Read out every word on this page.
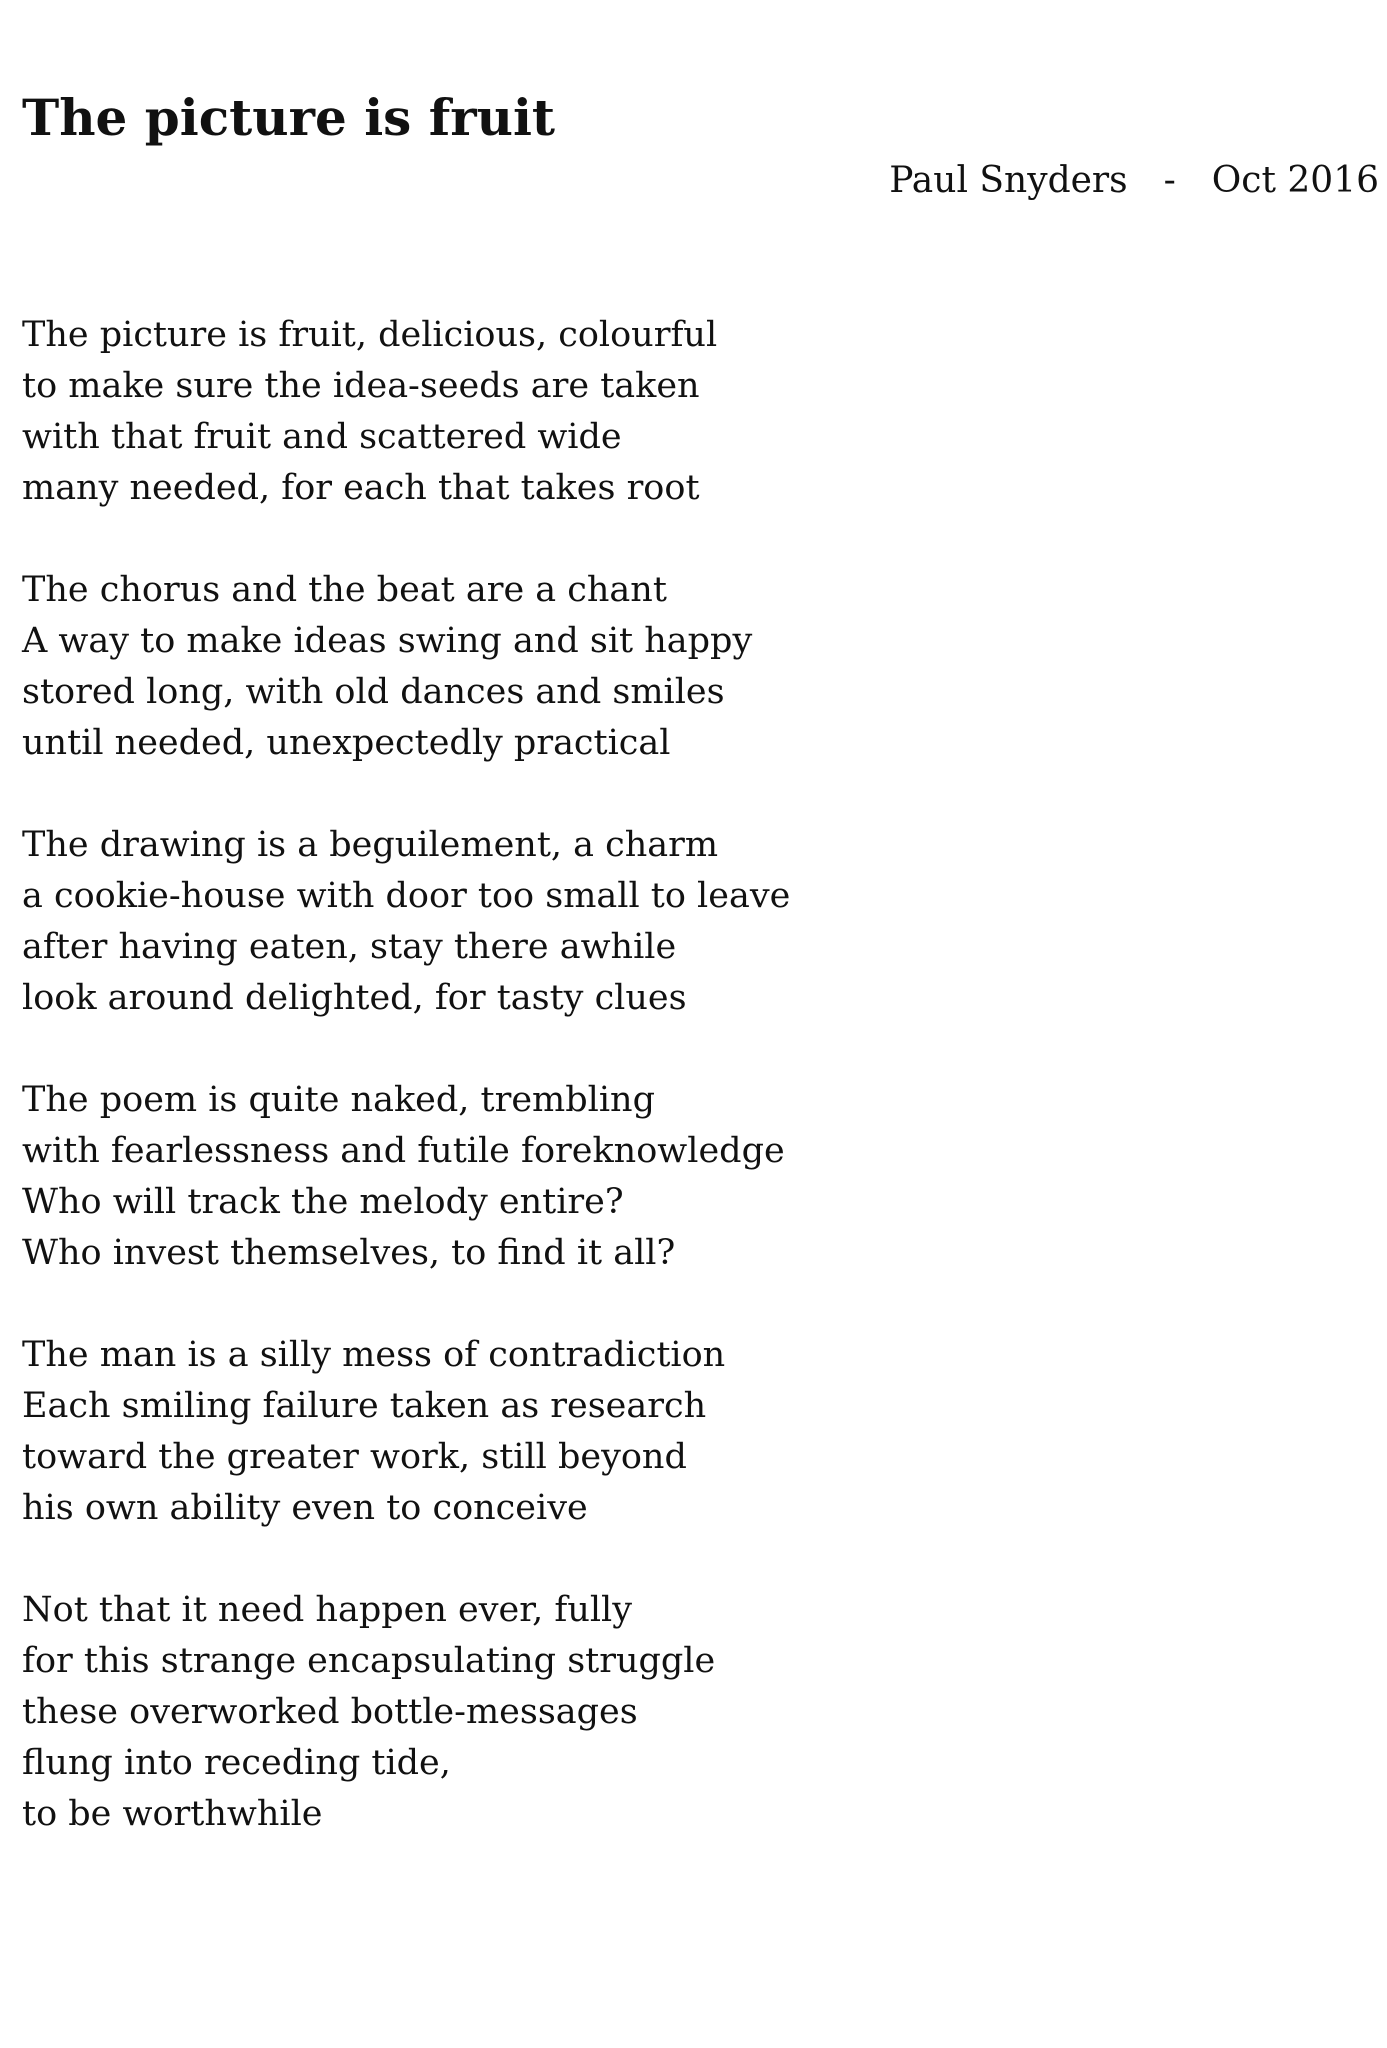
The picture is fruit
Paul Snyders - Oct 2016
The picture is fruit, delicious, colourful
to make sure the idea-seeds are taken
with that fruit and scattered wide
many needed, for each that takes root
The chorus and the beat are a chant
A way to make ideas swing and sit happy
stored long, with old dances and smiles
until needed, unexpectedly practical
The drawing is a beguilement, a charm
a cookie-house with door too small to leave
after having eaten, stay there awhile
look around delighted, for tasty clues
The poem is quite naked, trembling
with fearlessness and futile foreknowledge
Who will track the melody entire?
Who invest themselves, to find it all?
The man is a silly mess of contradiction
Each smiling failure taken as research
toward the greater work, still beyond
his own ability even to conceive
Not that it need happen ever, fully
for this strange encapsulating struggle
these overworked bottle-messages
flung into receding tide,
to be worthwhile
